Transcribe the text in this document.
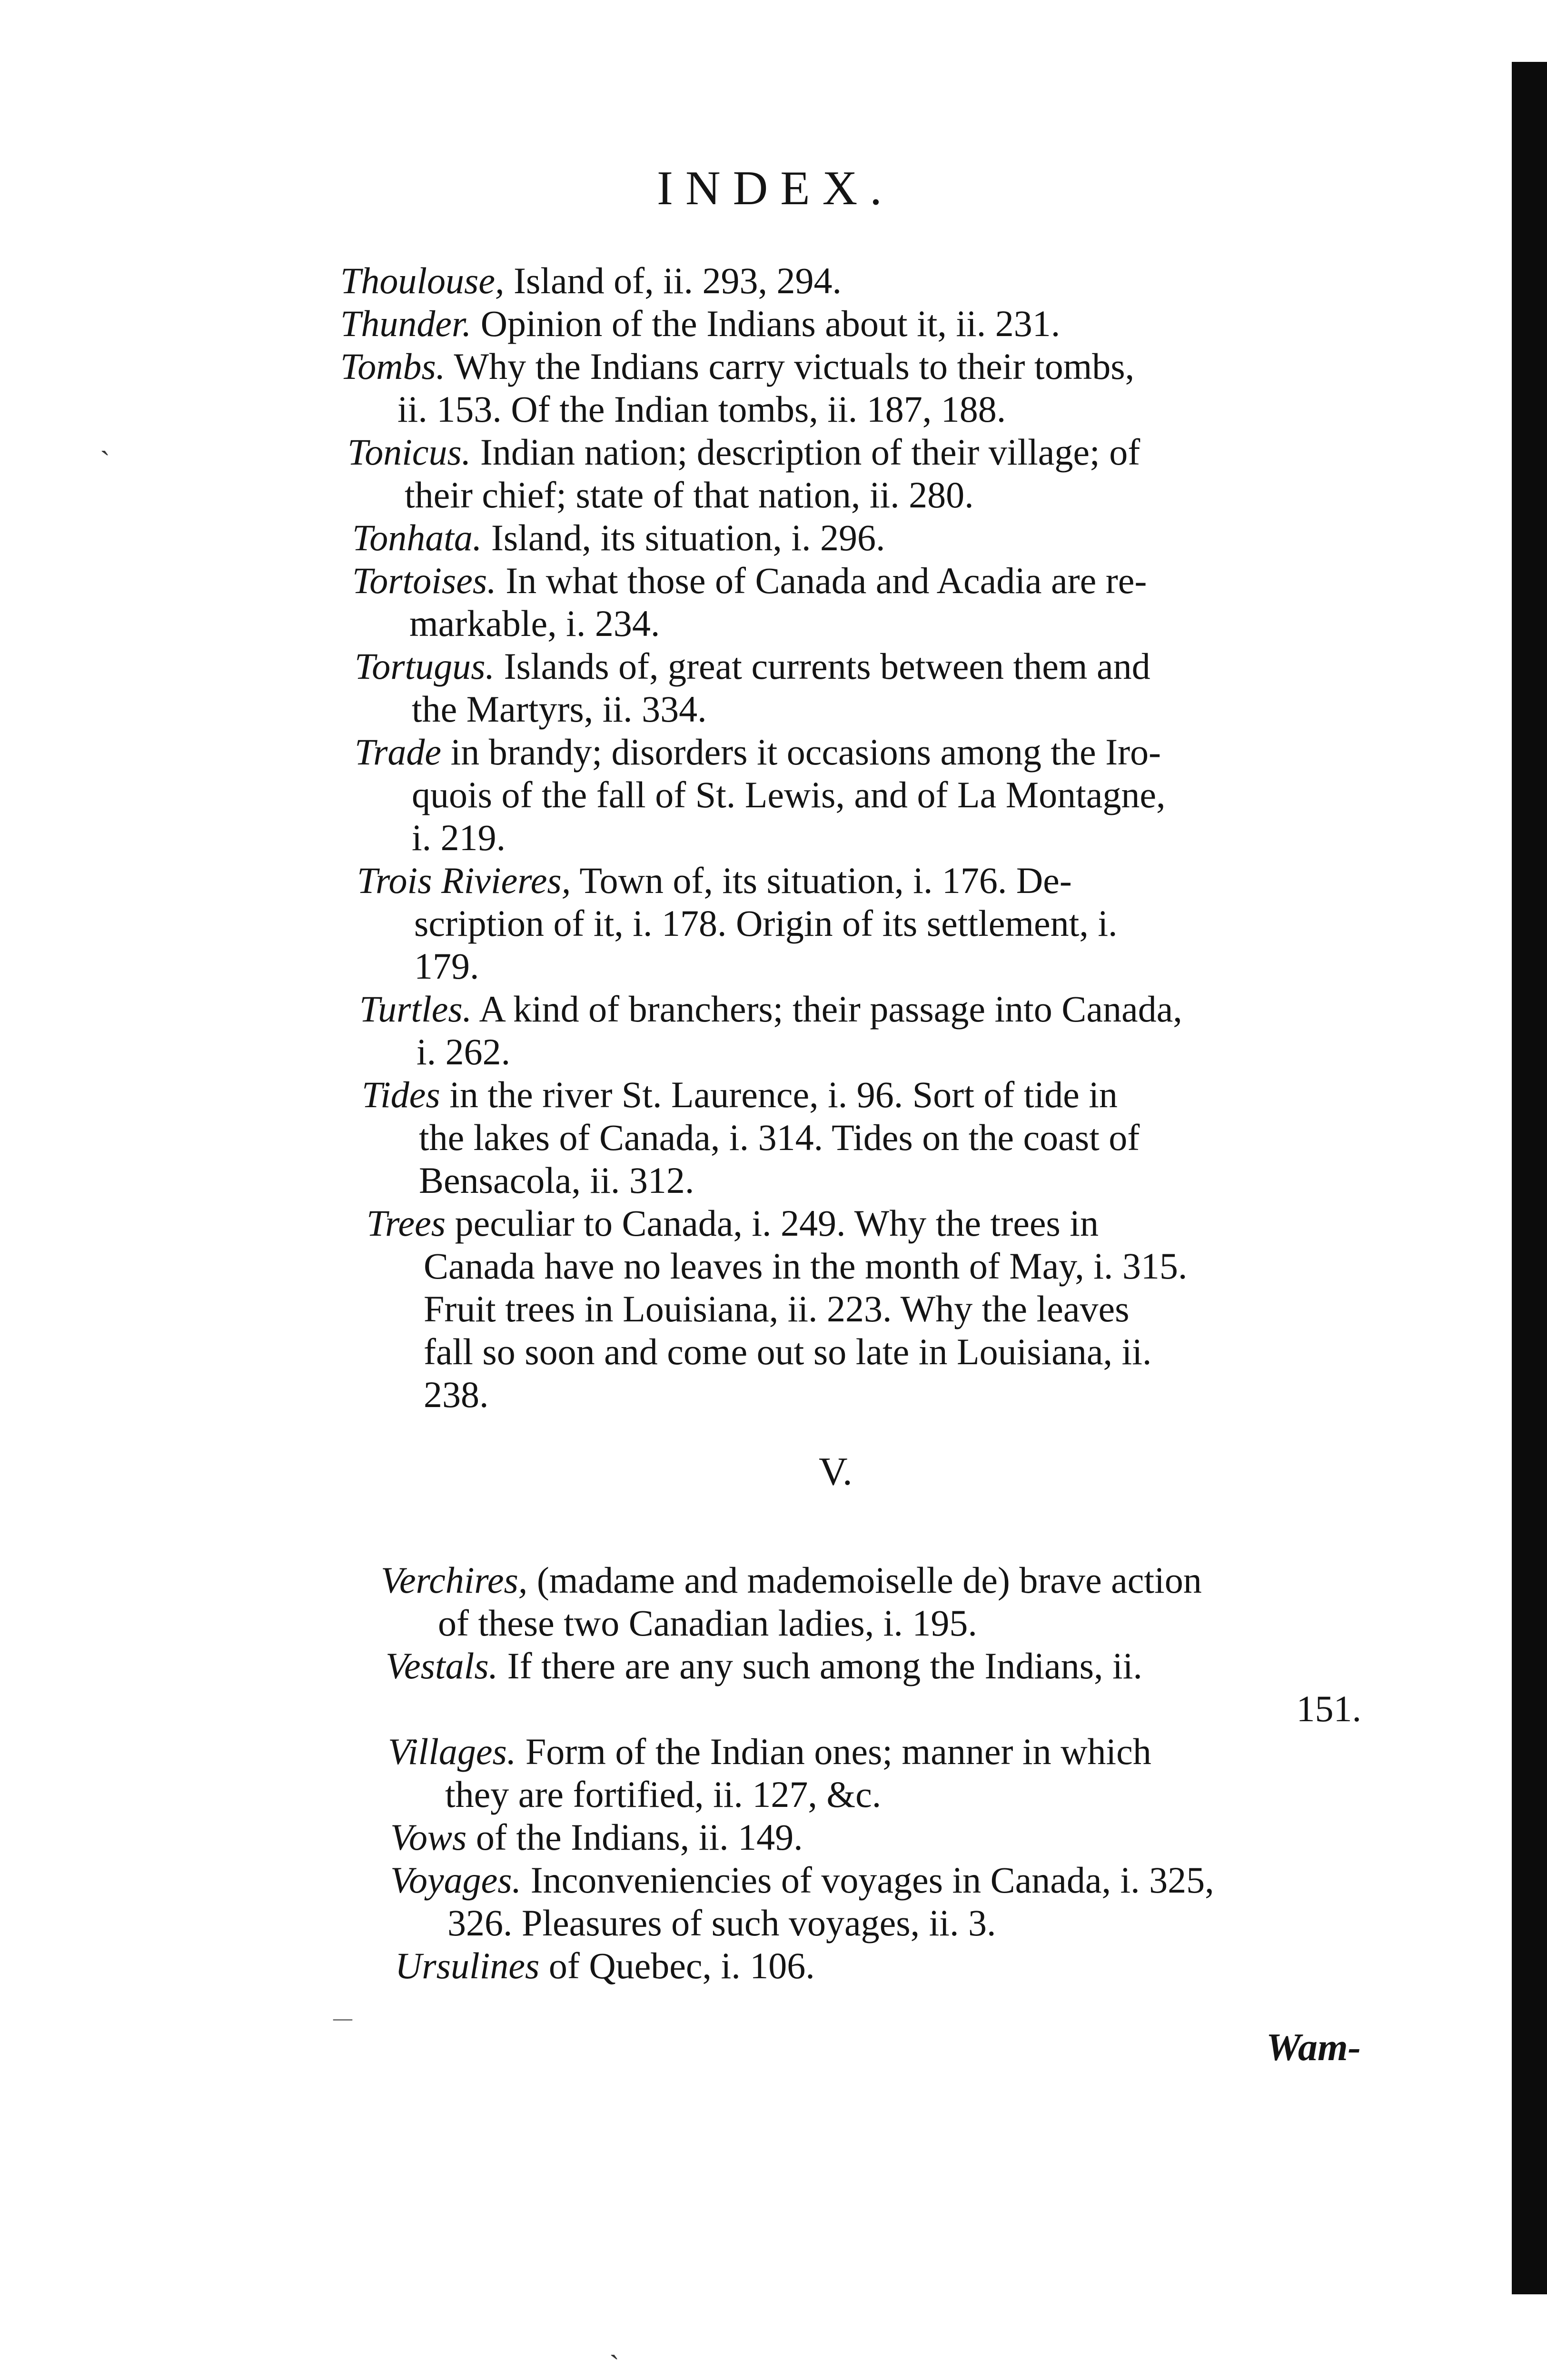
INDEX.
Thoulouse, Island of, ii. 293, 294.
Thunder. Opinion of the Indians about it, ii. 231.
Tombs. Why the Indians carry victuals to their tombs,
ii. 153. Of the Indian tombs, ii. 187, 188.
Tonicus. Indian nation; description of their village; of
their chief; state of that nation, ii. 280.
Tonhata. Island, its situation, i. 296.
Tortoises. In what those of Canada and Acadia are re-
markable, i. 234.
Tortugus. Islands of, great currents between them and
the Martyrs, ii. 334.
Trade in brandy; disorders it occasions among the Iro-
quois of the fall of St. Lewis, and of La Montagne,
i. 219.
Trois Rivieres, Town of, its situation, i. 176. De-
scription of it, i. 178. Origin of its settlement, i.
179.
Turtles. A kind of branchers; their passage into Canada,
i. 262.
Tides in the river St. Laurence, i. 96. Sort of tide in
the lakes of Canada, i. 314. Tides on the coast of
Bensacola, ii. 312.
Trees peculiar to Canada, i. 249. Why the trees in
Canada have no leaves in the month of May, i. 315.
Fruit trees in Louisiana, ii. 223. Why the leaves
fall so soon and come out so late in Louisiana, ii.
238.
V.
Verchires, (madame and mademoiselle de) brave action
of these two Canadian ladies, i. 195.
Vestals. If there are any such among the Indians, ii.
151.
Villages. Form of the Indian ones; manner in which
they are fortified, ii. 127, &c.
Vows of the Indians, ii. 149.
Voyages. Inconveniencies of voyages in Canada, i. 325,
326. Pleasures of such voyages, ii. 3.
Ursulines of Quebec, i. 106.
Wam-
ˎ
—
ˏ
